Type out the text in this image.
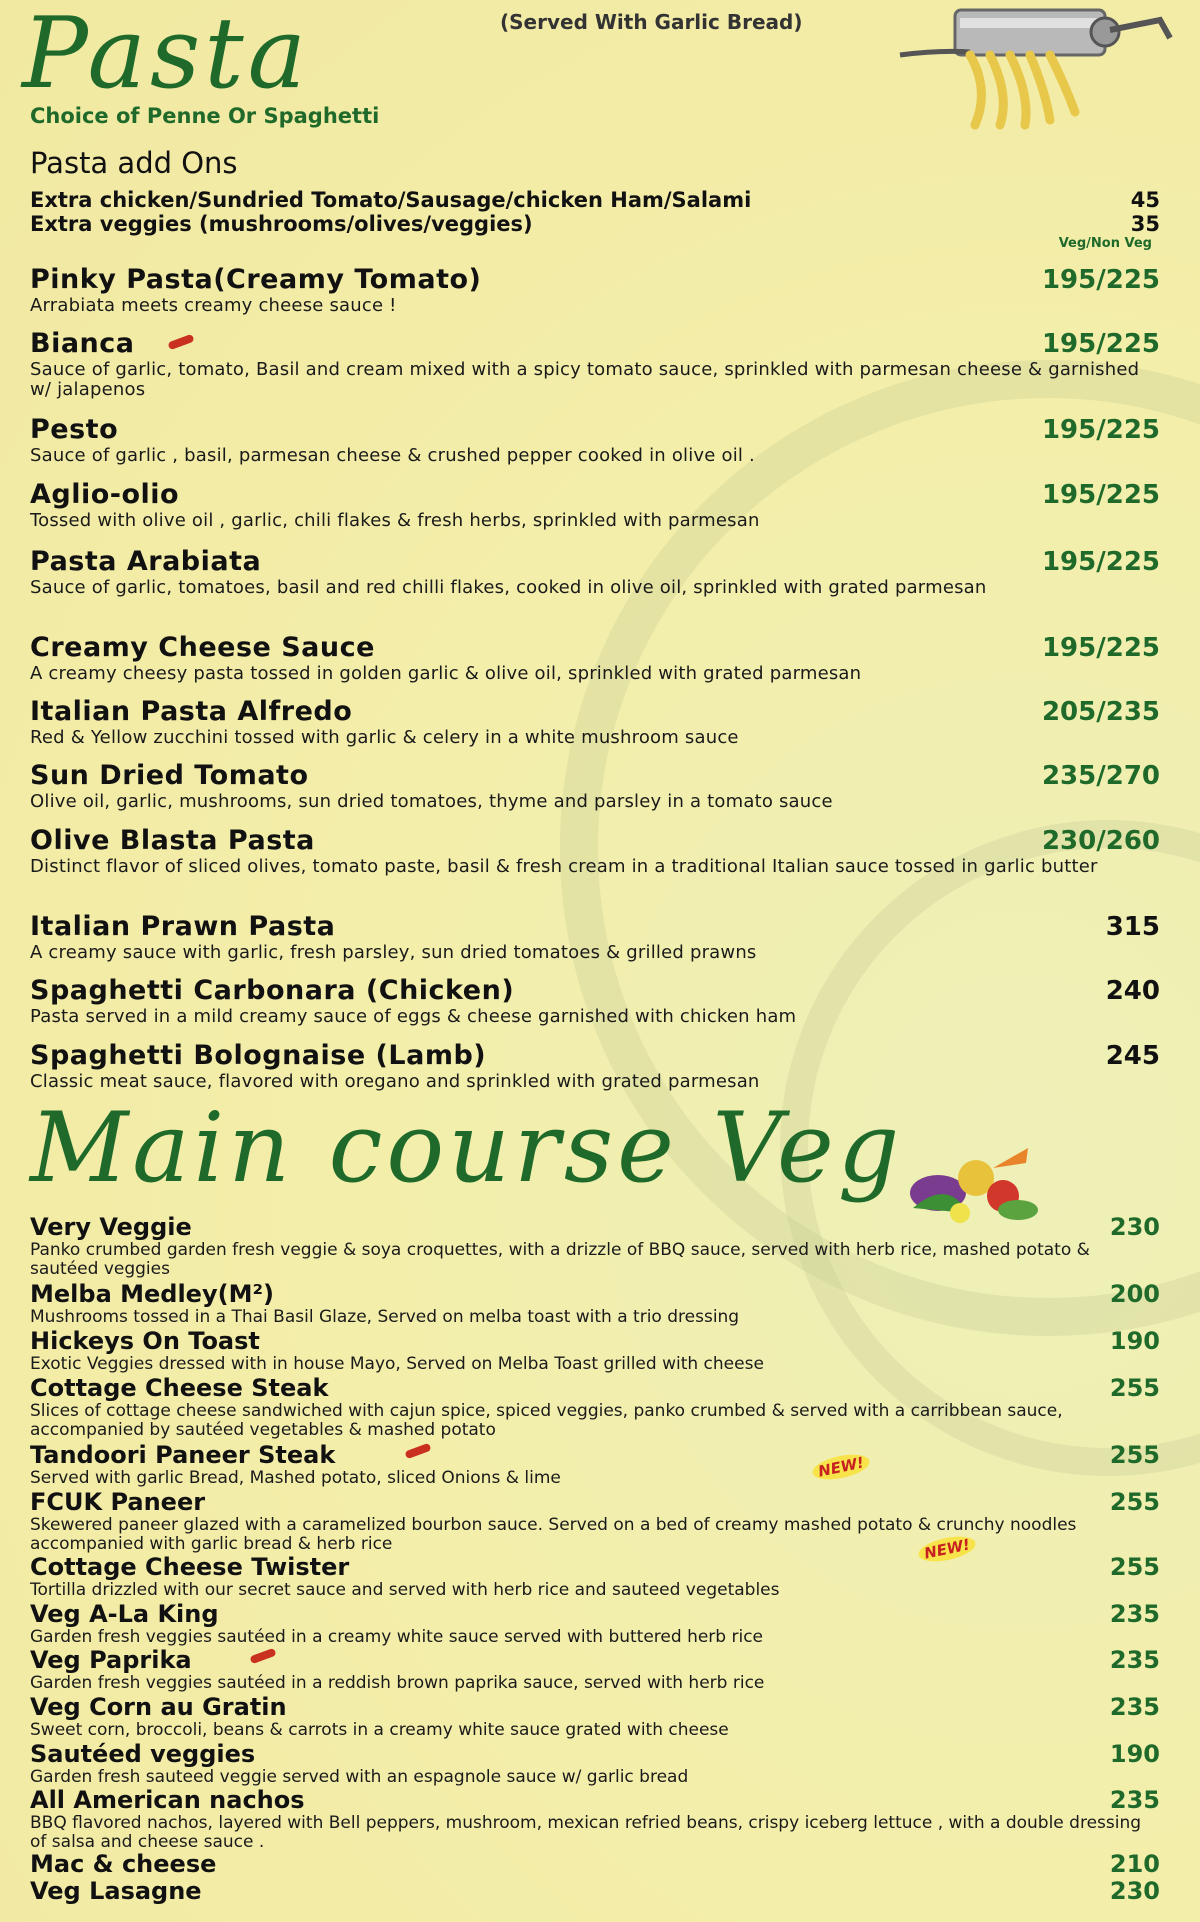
Pasta	(Served With Garlic Bread)
Choice of Penne Or Spaghetti
Pasta add Ons
Extra chicken/Sundried Tomato/Sausage/chicken Ham/Salami	45
Extra veggies (mushrooms/olives/veggies)	35
Veg/Non Veg
Pinky Pasta(Creamy Tomato)	195/225
Arrabiata meets creamy cheese sauce !
Bianca	195/225
Sauce of garlic, tomato, Basil and cream mixed with a spicy tomato sauce, sprinkled with parmesan cheese & garnished w/ jalapenos
Pesto	195/225
Sauce of garlic , basil, parmesan cheese & crushed pepper cooked in olive oil .
Aglio-olio	195/225
Tossed with olive oil , garlic, chili flakes & fresh herbs, sprinkled with parmesan
Pasta Arabiata	195/225
Sauce of garlic, tomatoes, basil and red chilli flakes, cooked in olive oil, sprinkled with grated parmesan
Creamy Cheese Sauce	195/225
A creamy cheesy pasta tossed in golden garlic & olive oil, sprinkled with grated parmesan
Italian Pasta Alfredo	205/235
Red & Yellow zucchini tossed with garlic & celery in a white mushroom sauce
Sun Dried Tomato	235/270
Olive oil, garlic, mushrooms, sun dried tomatoes, thyme and parsley in a tomato sauce
Olive Blasta Pasta	230/260
Distinct flavor of sliced olives, tomato paste, basil & fresh cream in a traditional Italian sauce tossed in garlic butter
Italian Prawn Pasta	315
A creamy sauce with garlic, fresh parsley, sun dried tomatoes & grilled prawns
Spaghetti Carbonara (Chicken)	240
Pasta served in a mild creamy sauce of eggs & cheese garnished with chicken ham
Spaghetti Bolognaise (Lamb)	245
Classic meat sauce, flavored with oregano and sprinkled with grated parmesan
Main course Veg
Very Veggie	230
Panko crumbed garden fresh veggie & soya croquettes, with a drizzle of BBQ sauce, served with herb rice, mashed potato & sautéed veggies
Melba Medley(M²)	200
Mushrooms tossed in a Thai Basil Glaze, Served on melba toast with a trio dressing
Hickeys On Toast	190
Exotic Veggies dressed with in house Mayo, Served on Melba Toast grilled with cheese
Cottage Cheese Steak	255
Slices of cottage cheese sandwiched with cajun spice, spiced veggies, panko crumbed & served with a carribbean sauce, accompanied by sautéed vegetables & mashed potato
Tandoori Paneer Steak	255
Served with garlic Bread, Mashed potato, sliced Onions & lime	NEW!
FCUK Paneer	255
Skewered paneer glazed with a caramelized bourbon sauce. Served on a bed of creamy mashed potato & crunchy noodles accompanied with garlic bread & herb rice
Cottage Cheese Twister	255
Tortilla drizzled with our secret sauce and served with herb rice and sauteed vegetables
NEW!
Veg A-La King	235
Garden fresh veggies sautéed in a creamy white sauce served with buttered herb rice
Veg Paprika	235
Garden fresh veggies sautéed in a reddish brown paprika sauce, served with herb rice
Veg Corn au Gratin	235
Sweet corn, broccoli, beans & carrots in a creamy white sauce grated with cheese
Sautéed veggies	190
Garden fresh sauteed veggie served with an espagnole sauce w/ garlic bread
All American nachos	235
BBQ flavored nachos, layered with Bell peppers, mushroom, mexican refried beans, crispy iceberg lettuce , with a double dressing of salsa and cheese sauce .
Mac & cheese	210
Veg Lasagne	230
